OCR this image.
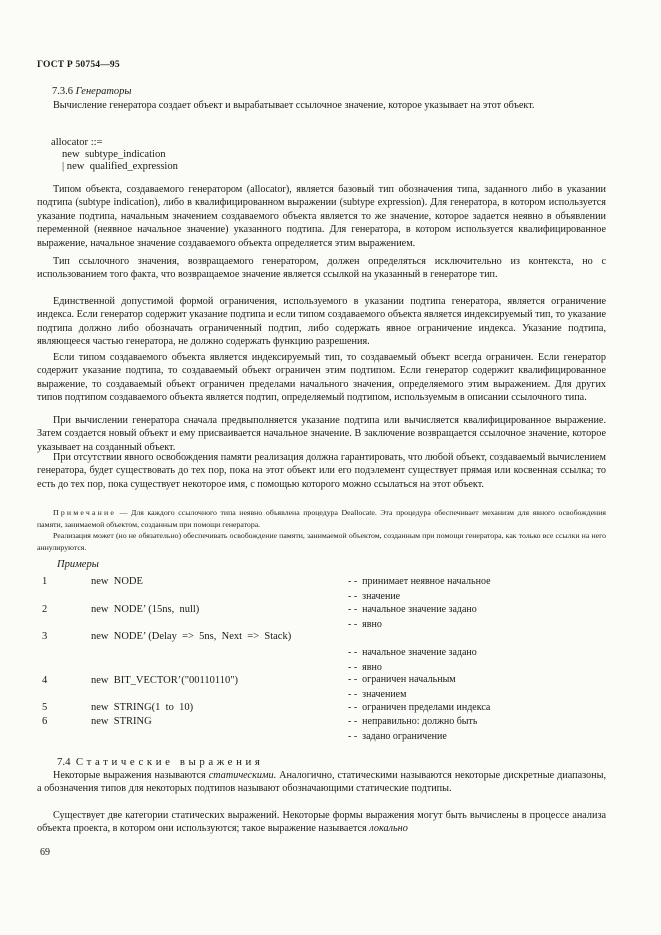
ГОСТ Р 50754—95
7.3.6 Генераторы

Вычисление генератора создает объект и вырабатывает ссылочное значение, которое указывает на этот объект.

allocator ::=
new  subtype_indication
| new  qualified_expression

Типом объекта, создаваемого генератором (allocator), является базовый тип обозначения типа, заданного либо в указании подтипа (subtype indication), либо в квалифицированном выражении (subtype expression). Для генератора, в котором используется указание подтипа, начальным значением создаваемого объекта является то же значение, которое задается неявно в объявлении переменной (неявное начальное значение) указанного подтипа. Для генератора, в котором используется квалифицированное выражение, начальное значение создаваемого объекта определяется этим выражением.

Тип ссылочного значения, возвращаемого генератором, должен определяться исключительно из контекста, но с использованием того факта, что возвращаемое значение является ссылкой на указанный в генераторе тип.

Единственной допустимой формой ограничения, используемого в указании подтипа генератора, является ограничение индекса. Если генератор содержит указание подтипа и если типом создаваемого объекта является индексируемый тип, то указание подтипа должно либо обозначать ограниченный подтип, либо содержать явное ограничение индекса. Указание подтипа, являющееся частью генератора, не должно содержать функцию разрешения.

Если типом создаваемого объекта является индексируемый тип, то создаваемый объект всегда ограничен. Если генератор содержит указание подтипа, то создаваемый объект ограничен этим подтипом. Если генератор содержит квалифицированное выражение, то создаваемый объект ограничен пределами начального значения, определяемого этим выражением. Для других типов подтипом создаваемого объекта является подтип, определяемый подтипом, используемым в описании ссылочного типа.

При вычислении генератора сначала предвыполняется указание подтипа или вычисляется квалифицированное выражение. Затем создается новый объект и ему присваивается начальное значение. В заключение возвращается ссылочное значение, которое указывает на созданный объект.

При отсутствии явного освобождения памяти реализация должна гарантировать, что любой объект, создаваемый вычислением генератора, будет существовать до тех пор, пока на этот объект или его подэлемент существует прямая или косвенная ссылка; то есть до тех пор, пока существует некоторое имя, с помощью которого можно ссылаться на этот объект.

Примечание — Для каждого ссылочного типа неявно объявлена процедура Deallocate. Эта процедура обеспечивает механизм для явного освобождения памяти, занимаемой объектом, созданным при помощи генератора.

Реализация может (но не обязательно) обеспечивать освобождение памяти, занимаемой объектом, созданным при помощи генератора, как только все ссылки на него аннулируются.

Примеры
1	new  NODE	- -  принимает неявное начальное
- -  значение
2	new  NODE’ (15ns,  null)	- -  начальное значение задано
- -  явно
3	new  NODE’ (Delay  =>  5ns,  Next  =>  Stack)
- -  начальное значение задано
- -  явно
4	new  BIT_VECTOR’("00110110")	- -  ограничен начальным
- -  значением
5	new  STRING(1  to  10)	- -  ограничен пределами индекса
6	new  STRING	- -  неправильно: должно быть
- -  задано ограничение
7.4 Статические выражения

Некоторые выражения называются статическими. Аналогично, статическими называются некоторые дискретные диапазоны, а обозначения типов для некоторых подтипов называют обозначающими статические подтипы.

Существует две категории статических выражений. Некоторые формы выражения могут быть вычислены в процессе анализа объекта проекта, в котором они используются; такое выражение называется локально

69
